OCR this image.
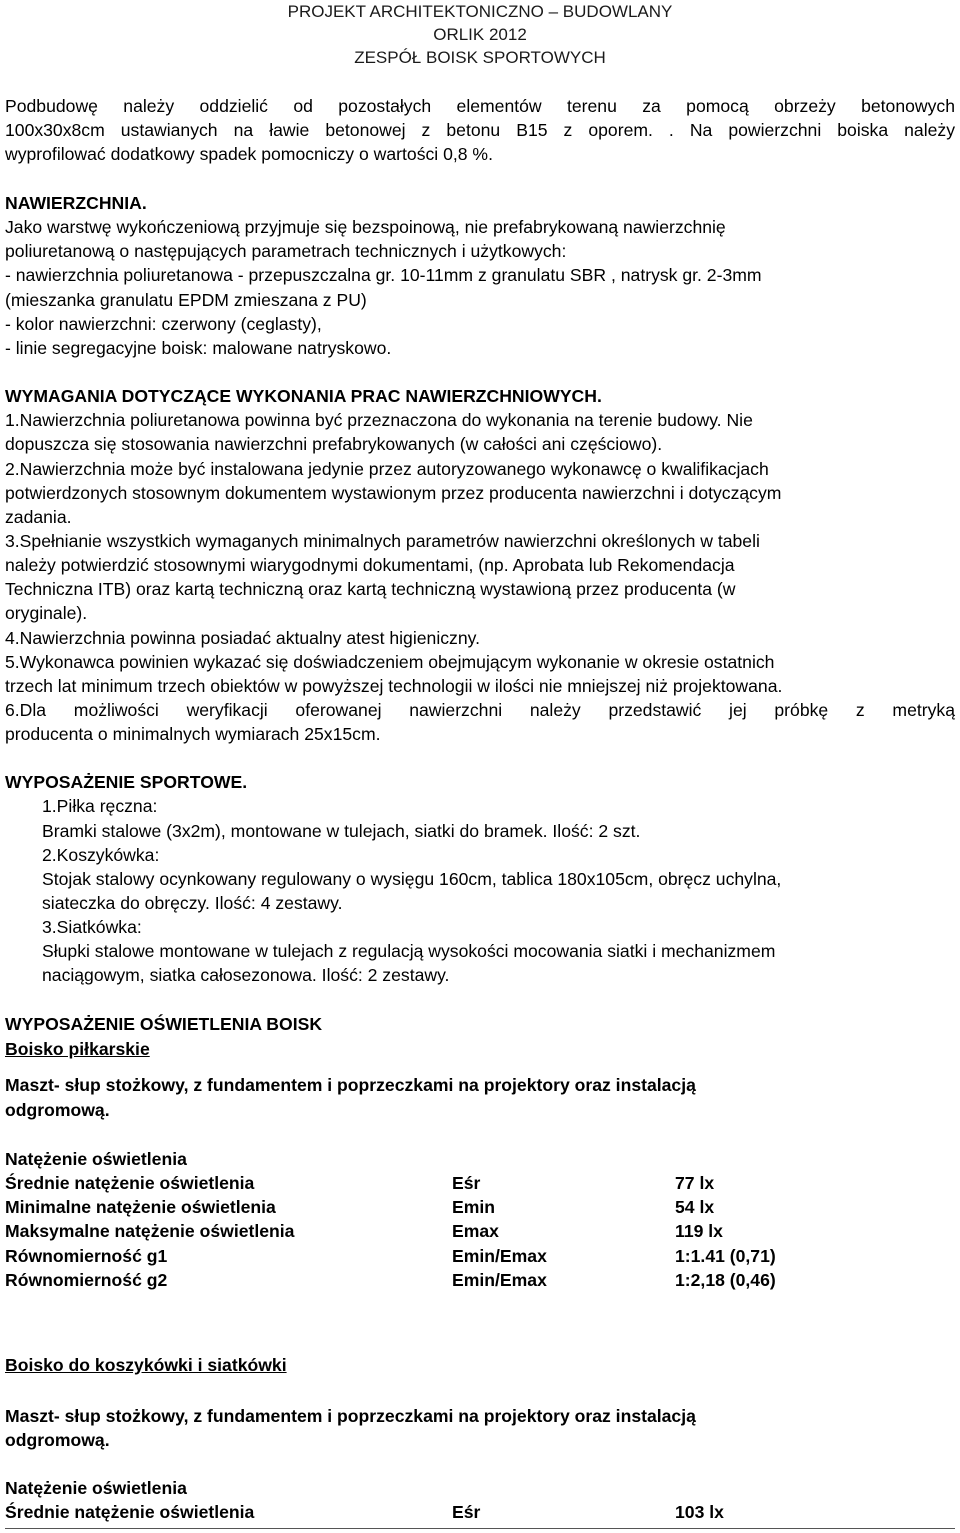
PROJEKT ARCHITEKTONICZNO – BUDOWLANY
ORLIK 2012
ZESPÓŁ BOISK SPORTOWYCH
Podbudowę należy oddzielić od pozostałych elementów terenu za pomocą obrzeży betonowych
100x30x8cm ustawianych na ławie betonowej z betonu B15 z oporem. . Na powierzchni boiska należy
wyprofilować dodatkowy spadek pomocniczy o wartości 0,8 %.
NAWIERZCHNIA.
Jako warstwę wykończeniową przyjmuje się bezspoinową, nie prefabrykowaną nawierzchnię
poliuretanową o następujących parametrach technicznych i użytkowych:
- nawierzchnia poliuretanowa - przepuszczalna gr. 10-11mm z granulatu SBR , natrysk gr. 2-3mm
(mieszanka granulatu EPDM zmieszana z PU)
- kolor nawierzchni: czerwony (ceglasty),
- linie segregacyjne boisk: malowane natryskowo.
WYMAGANIA DOTYCZĄCE WYKONANIA PRAC NAWIERZCHNIOWYCH.
1.Nawierzchnia poliuretanowa powinna być przeznaczona do wykonania na terenie budowy. Nie
dopuszcza się stosowania nawierzchni prefabrykowanych (w całości ani częściowo).
2.Nawierzchnia może być instalowana jedynie przez autoryzowanego wykonawcę o kwalifikacjach
potwierdzonych stosownym dokumentem wystawionym przez producenta nawierzchni i dotyczącym
zadania.
3.Spełnianie wszystkich wymaganych minimalnych parametrów nawierzchni określonych w tabeli
należy potwierdzić stosownymi wiarygodnymi dokumentami, (np. Aprobata lub Rekomendacja
Techniczna ITB) oraz kartą techniczną oraz kartą techniczną wystawioną przez producenta (w
oryginale).
4.Nawierzchnia powinna posiadać aktualny atest higieniczny.
5.Wykonawca powinien wykazać się doświadczeniem obejmującym wykonanie w okresie ostatnich
trzech lat minimum trzech obiektów w powyższej technologii w ilości nie mniejszej niż projektowana.
6.Dla możliwości weryfikacji oferowanej nawierzchni należy przedstawić jej próbkę z metryką
producenta o minimalnych wymiarach 25x15cm.
WYPOSAŻENIE SPORTOWE.
1.Piłka ręczna:
Bramki stalowe (3x2m), montowane w tulejach, siatki do bramek. Ilość: 2 szt.
2.Koszykówka:
Stojak stalowy ocynkowany regulowany o wysięgu 160cm, tablica 180x105cm, obręcz uchylna,
siateczka do obręczy. Ilość: 4 zestawy.
3.Siatkówka:
Słupki stalowe montowane w tulejach z regulacją wysokości mocowania siatki i mechanizmem
naciągowym, siatka całosezonowa. Ilość: 2 zestawy.
WYPOSAŻENIE OŚWIETLENIA BOISK
Boisko piłkarskie
Maszt- słup stożkowy, z fundamentem i poprzeczkami na projektory oraz instalacją
odgromową.
Natężenie oświetlenia
Średnie natężenie oświetlenia	Eśr	77 lx
Minimalne natężenie oświetlenia	Emin	54 lx
Maksymalne natężenie oświetlenia	Emax	119 lx
Równomierność g1	Emin/Emax	1:1.41 (0,71)
Równomierność g2	Emin/Emax	1:2,18 (0,46)
Boisko do koszykówki i siatkówki
Maszt- słup stożkowy, z fundamentem i poprzeczkami na projektory oraz instalacją
odgromową.
Natężenie oświetlenia
Średnie natężenie oświetlenia	Eśr	103 lx
